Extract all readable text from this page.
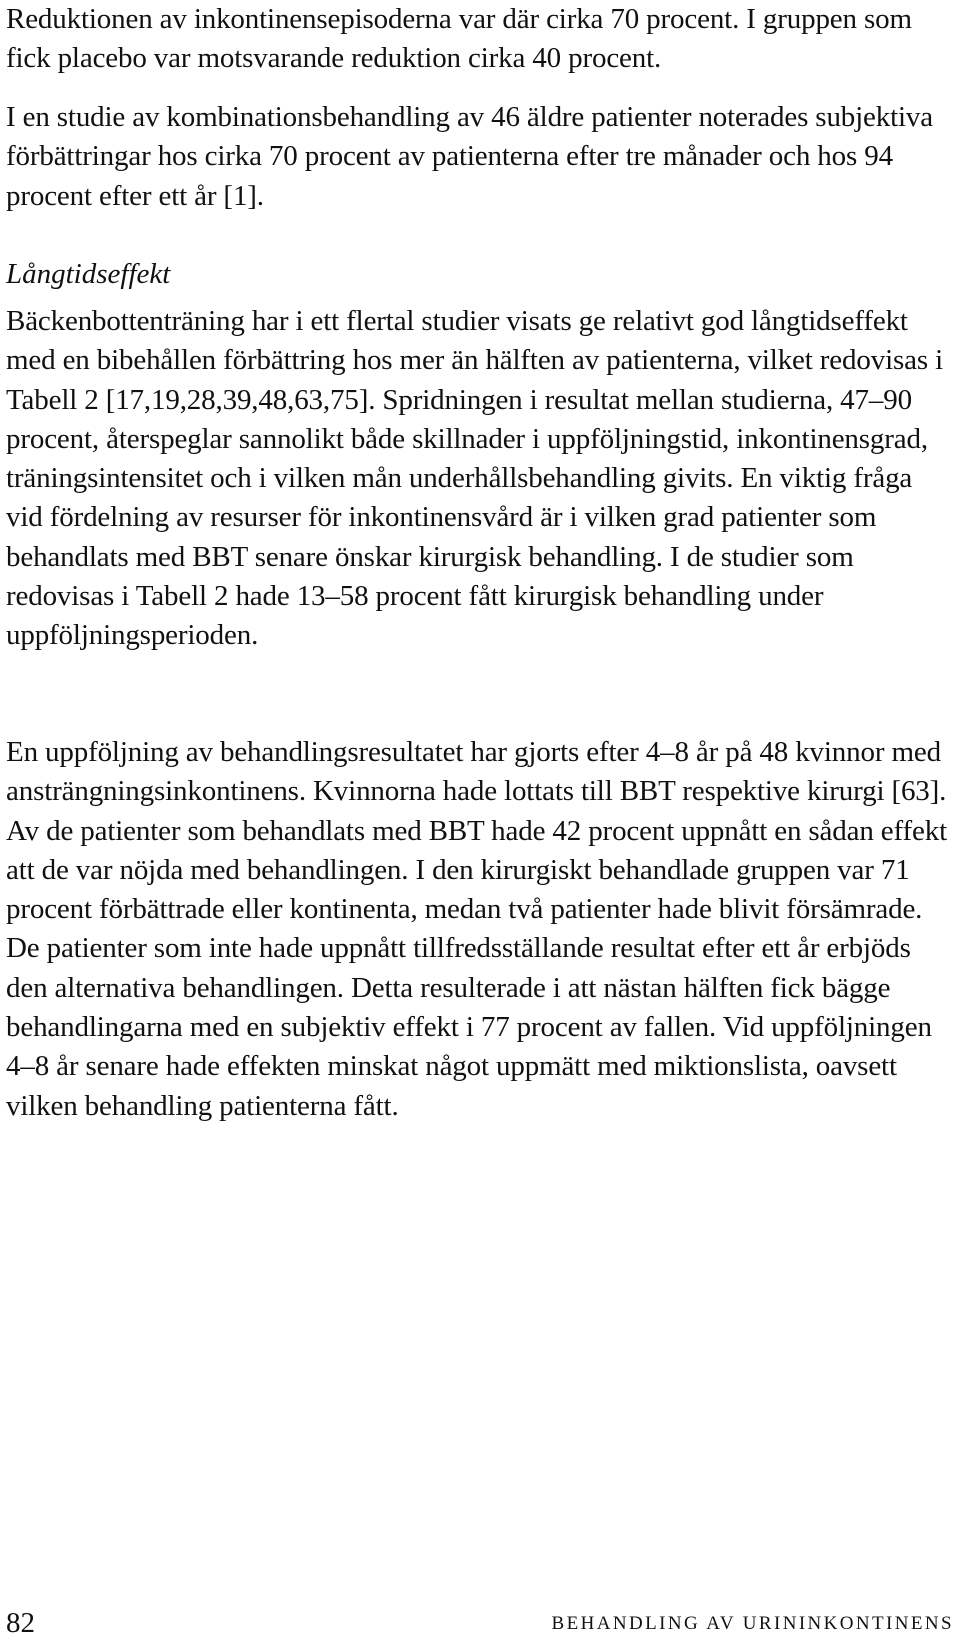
Reduktionen av inkontinensepisoderna var där cirka 70 procent. I gruppen som fick placebo var motsvarande reduktion cirka 40 procent.

I en studie av kombinationsbehandling av 46 äldre patienter noterades subjektiva förbättringar hos cirka 70 procent av patienterna efter tre månader och hos 94 procent efter ett år [1].

Långtidseffekt

Bäckenbottenträning har i ett flertal studier visats ge relativt god långtidseffekt med en bibehållen förbättring hos mer än hälften av patienterna, vilket redovisas i Tabell 2 [17,19,28,39,48,63,75]. Spridningen i resultat mellan studierna, 47–90 procent, återspeglar sannolikt både skillnader i uppföljningstid, inkontinensgrad, träningsintensitet och i vilken mån underhållsbehandling givits. En viktig fråga vid fördelning av resurser för inkontinensvård är i vilken grad patienter som behandlats med BBT senare önskar kirurgisk behandling. I de studier som redovisas i Tabell 2 hade 13–58 procent fått kirurgisk behandling under uppföljningsperioden.

En uppföljning av behandlingsresultatet har gjorts efter 4–8 år på 48 kvinnor med ansträngningsinkontinens. Kvinnorna hade lottats till BBT respektive kirurgi [63]. Av de patienter som behandlats med BBT hade 42 procent uppnått en sådan effekt att de var nöjda med behandlingen. I den kirurgiskt behandlade gruppen var 71 procent förbättrade eller kontinenta, medan två patienter hade blivit försämrade. De patienter som inte hade uppnått tillfredsställande resultat efter ett år erbjöds den alternativa behandlingen. Detta resulterade i att nästan hälften fick bägge behandlingarna med en subjektiv effekt i 77 procent av fallen. Vid uppföljningen 4–8 år senare hade effekten minskat något uppmätt med miktionslista, oavsett vilken behandling patienterna fått.

82	BEHANDLING AV URININKONTINENS
